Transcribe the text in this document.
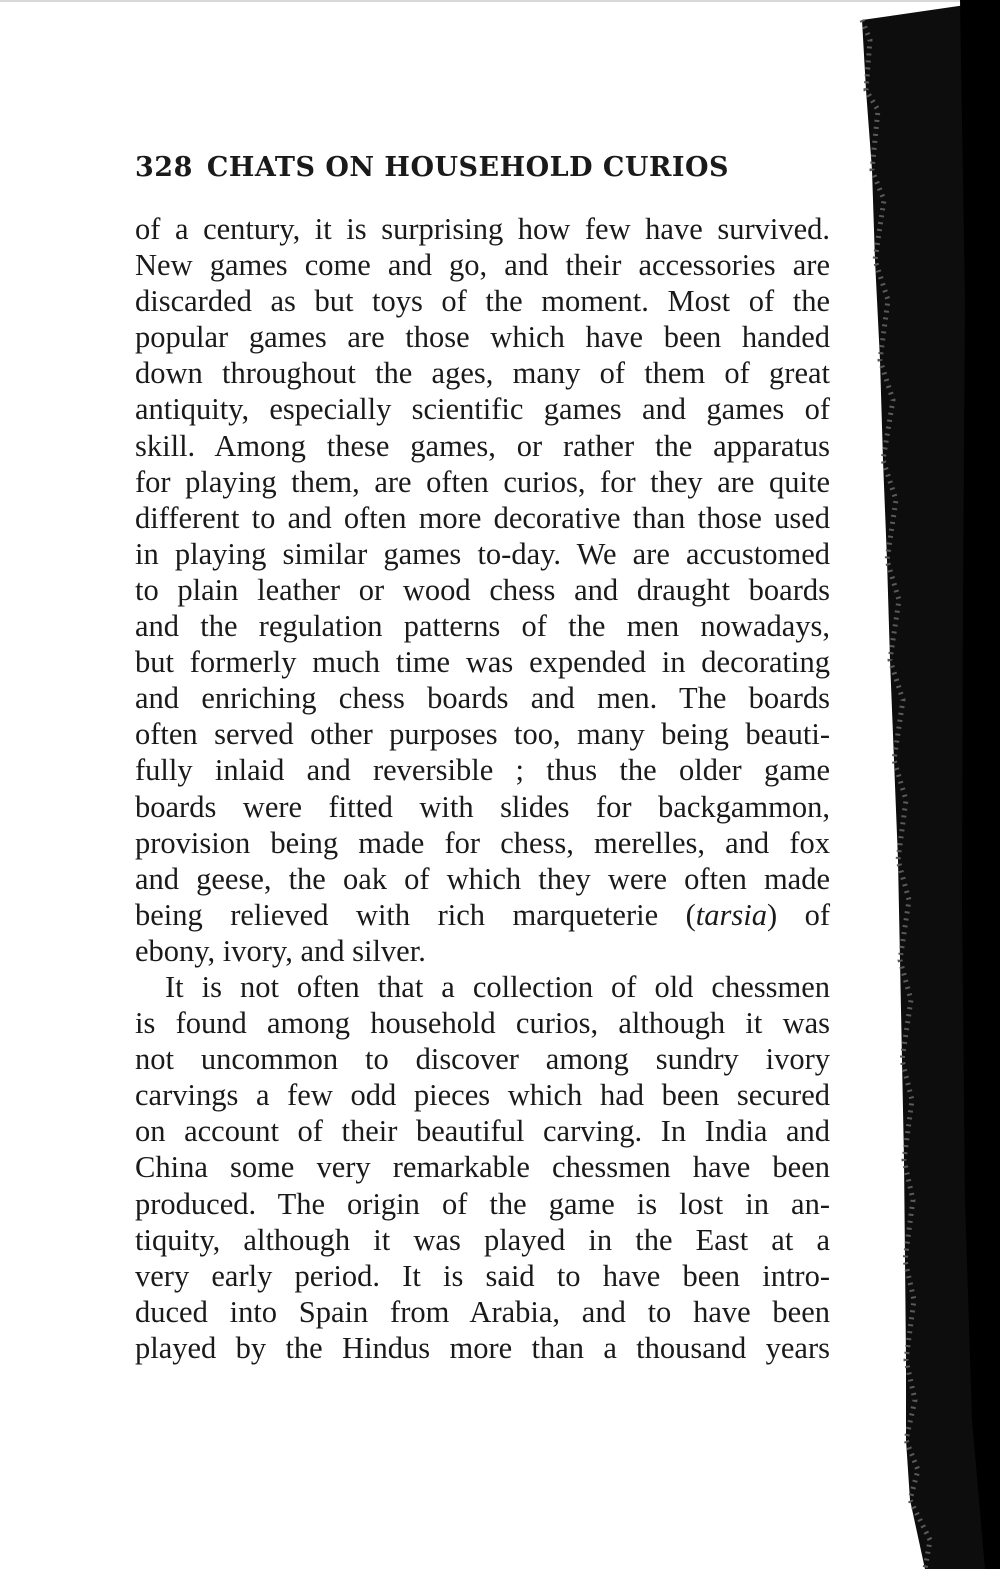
328 CHATS ON HOUSEHOLD CURIOS
of a century, it is surprising how few have survived.
New games come and go, and their accessories are
discarded as but toys of the moment. Most of the
popular games are those which have been handed
down throughout the ages, many of them of great
antiquity, especially scientific games and games of
skill. Among these games, or rather the apparatus
for playing them, are often curios, for they are quite
different to and often more decorative than those used
in playing similar games to-day. We are accustomed
to plain leather or wood chess and draught boards
and the regulation patterns of the men nowadays,
but formerly much time was expended in decorating
and enriching chess boards and men. The boards
often served other purposes too, many being beauti-
fully inlaid and reversible ; thus the older game
boards were fitted with slides for backgammon,
provision being made for chess, merelles, and fox
and geese, the oak of which they were often made
being relieved with rich marqueterie (tarsia) of
ebony, ivory, and silver.
It is not often that a collection of old chessmen
is found among household curios, although it was
not uncommon to discover among sundry ivory
carvings a few odd pieces which had been secured
on account of their beautiful carving. In India and
China some very remarkable chessmen have been
produced. The origin of the game is lost in an-
tiquity, although it was played in the East at a
very early period. It is said to have been intro-
duced into Spain from Arabia, and to have been
played by the Hindus more than a thousand years
